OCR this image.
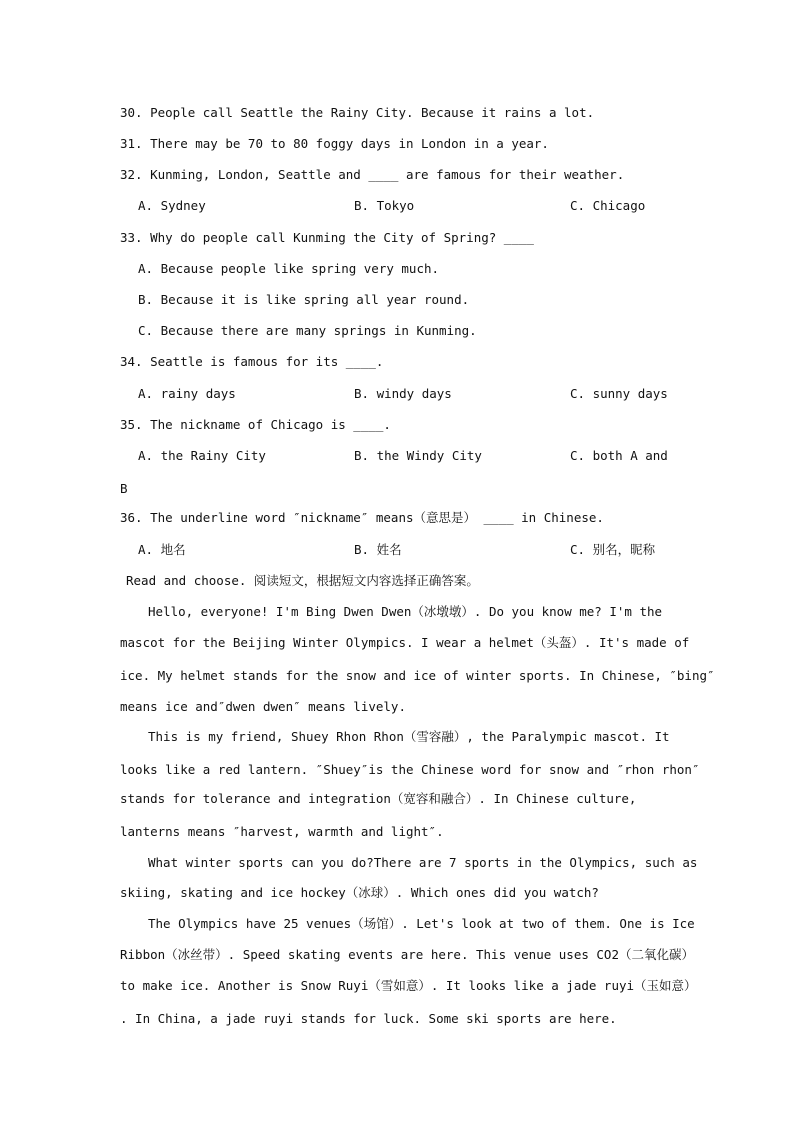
30. People call Seattle the Rainy City. Because it rains a lot.
31. There may be 70 to 80 foggy days in London in a year.
32. Kunming, London, Seattle and ____ are famous for their weather.
A. Sydney	B. Tokyo	C. Chicago
33. Why do people call Kunming the City of Spring? ____
A. Because people like spring very much.
B. Because it is like spring all year round.
C. Because there are many springs in Kunming.
34. Seattle is famous for its ____.
A. rainy days	B. windy days	C. sunny days
35. The nickname of Chicago is ____.
A. the Rainy City	B. the Windy City	C. both A and
B
36. The underline word ″nickname″ means（意思是） ____ in Chinese.
A. 地名	B. 姓名	C. 别名，昵称
Read and choose. 阅读短文，根据短文内容选择正确答案。
Hello, everyone! I'm Bing Dwen Dwen（冰墩墩）. Do you know me? I'm the
mascot for the Beijing Winter Olympics. I wear a helmet（头盔）. It's made of
ice. My helmet stands for the snow and ice of winter sports. In Chinese, ″bing″
means ice and″dwen dwen″ means lively.
This is my friend, Shuey Rhon Rhon（雪容融）, the Paralympic mascot. It
looks like a red lantern. ″Shuey″is the Chinese word for snow and ″rhon rhon″
stands for tolerance and integration（宽容和融合）. In Chinese culture,
lanterns means ″harvest, warmth and light″.
What winter sports can you do?There are 7 sports in the Olympics, such as
skiing, skating and ice hockey（冰球）. Which ones did you watch?
The Olympics have 25 venues（场馆）. Let's look at two of them. One is Ice
Ribbon（冰丝带）. Speed skating events are here. This venue uses CO2（二氧化碳）
to make ice. Another is Snow Ruyi（雪如意）. It looks like a jade ruyi（玉如意）
. In China, a jade ruyi stands for luck. Some ski sports are here.
